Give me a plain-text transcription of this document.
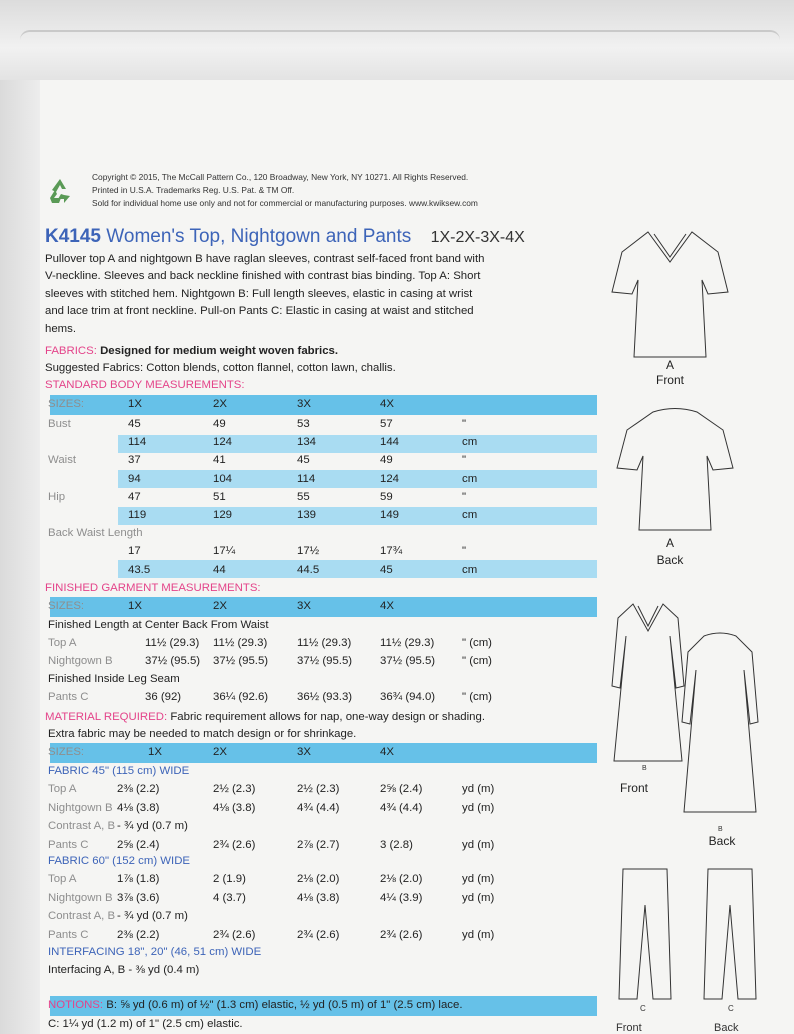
Copyright © 2015, The McCall Pattern Co., 120 Broadway, New York, NY 10271. All Rights Reserved.
Printed in U.S.A. Trademarks Reg. U.S. Pat. & TM Off.
Sold for individual home use only and not for commercial or manufacturing purposes. www.kwiksew.com
K4145 Women's Top, Nightgown and Pants 1X-2X-3X-4X
Pullover top A and nightgown B have raglan sleeves, contrast self-faced front band with
V-neckline. Sleeves and back neckline finished with contrast bias binding. Top A: Short
sleeves with stitched hem. Nightgown B: Full length sleeves, elastic in casing at wrist
and lace trim at front neckline. Pull-on Pants C: Elastic in casing at waist and stitched
hems.
FABRICS: Designed for medium weight woven fabrics.
Suggested Fabrics: Cotton blends, cotton flannel, cotton lawn, challis.
STANDARD BODY MEASUREMENTS:
SIZES:	1X	2X	3X	4X
Bust	45	49	53	57	"
114	124	134	144	cm
Waist	37	41	45	49	"
94	104	114	124	cm
Hip	47	51	55	59	"
119	129	139	149	cm
Back Waist Length
17	17¼	17½	17¾	"
43.5	44	44.5	45	cm
FINISHED GARMENT MEASUREMENTS:
SIZES:	1X	2X	3X	4X
Finished Length at Center Back From Waist
Top A	11½ (29.3) 11½ (29.3)	11½ (29.3)	11½ (29.3) " (cm)
Nightgown B	37½ (95.5) 37½ (95.5)	37½ (95.5) 37½ (95.5) " (cm)
Finished Inside Leg Seam
Pants C	36 (92)	36¼ (92.6)	36½ (93.3) 36¾ (94.0) " (cm)
MATERIAL REQUIRED: Fabric requirement allows for nap, one-way design or shading.
Extra fabric may be needed to match design or for shrinkage.
SIZES:	1X	2X	3X	4X
FABRIC 45" (115 cm) WIDE
Top A	2⅜ (2.2)	2½ (2.3)	2½ (2.3)	2⅝ (2.4)	yd (m)
Nightgown B 4⅛ (3.8)	4⅛ (3.8)	4¾ (4.4)	4¾ (4.4)	yd (m)
Contrast A, B - ¾ yd (0.7 m)
Pants C 2⅝ (2.4)	2¾ (2.6)	2⅞ (2.7)	3 (2.8)	yd (m)
FABRIC 60" (152 cm) WIDE
Top A	1⅞ (1.8)	2 (1.9)	2⅛ (2.0)	2⅛ (2.0)	yd (m)
Nightgown B 3⅞ (3.6)	4 (3.7)	4⅛ (3.8)	4¼ (3.9)	yd (m)
Contrast A, B - ¾ yd (0.7 m)
Pants C 2⅜ (2.2)	2¾ (2.6)	2¾ (2.6)	2¾ (2.6)	yd (m)
INTERFACING 18", 20" (46, 51 cm) WIDE
Interfacing A, B - ⅜ yd (0.4 m)
NOTIONS: B: ⅝ yd (0.6 m) of ½" (1.3 cm) elastic, ½ yd (0.5 m) of 1" (2.5 cm) lace.
C: 1¼ yd (1.2 m) of 1" (2.5 cm) elastic.
A
Front
A
Back
B
Front
B
Back
C
Front
C
Back
